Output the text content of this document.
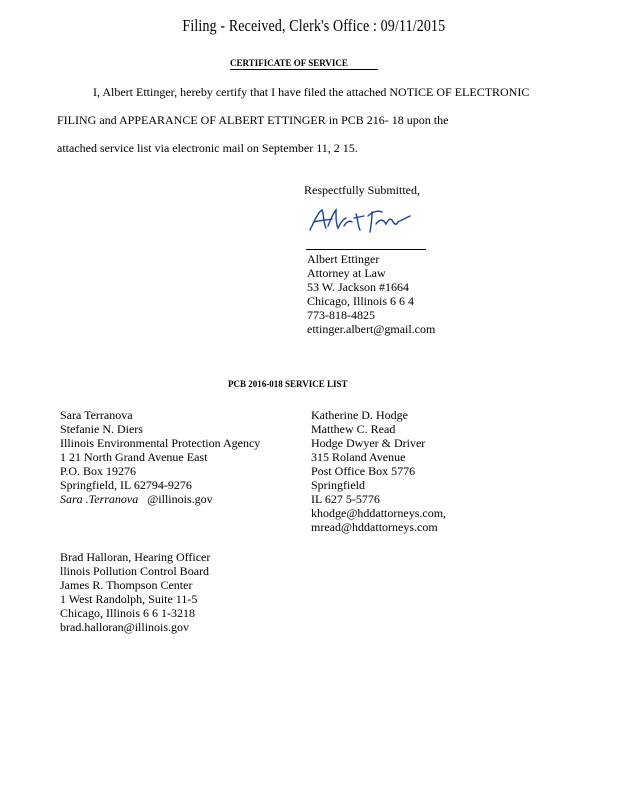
Filing - Received, Clerk's Office : 09/11/2015
CERTIFICATE OF SERVICE
I, Albert Ettinger, hereby certify that I have filed the attached NOTICE OF ELECTRONIC
FILING and APPEARANCE OF ALBERT ETTINGER in PCB 216- 18 upon the
attached service list via electronic mail on September 11, 2 15.
Respectfully Submitted,
Albert Ettinger
Attorney at Law
53 W. Jackson #1664
Chicago, Illinois 6 6 4
773-818-4825
ettinger.albert@gmail.com
PCB 2016-018 SERVICE LIST
Sara Terranova
Stefanie N. Diers
Illinois Environmental Protection Agency
1 21 North Grand Avenue East
P.O. Box 19276
Springfield, IL 62794-9276
Sara .Terranova   @illinois.gov
Katherine D. Hodge
Matthew C. Read
Hodge Dwyer & Driver
315 Roland Avenue
Post Office Box 5776
Springfield
IL 627 5-5776
khodge@hddattorneys.com,
mread@hddattorneys.com
Brad Halloran, Hearing Officer
llinois Pollution Control Board
James R. Thompson Center
1 West Randolph, Suite 11-5
Chicago, Illinois 6 6 1-3218
brad.halloran@illinois.gov
